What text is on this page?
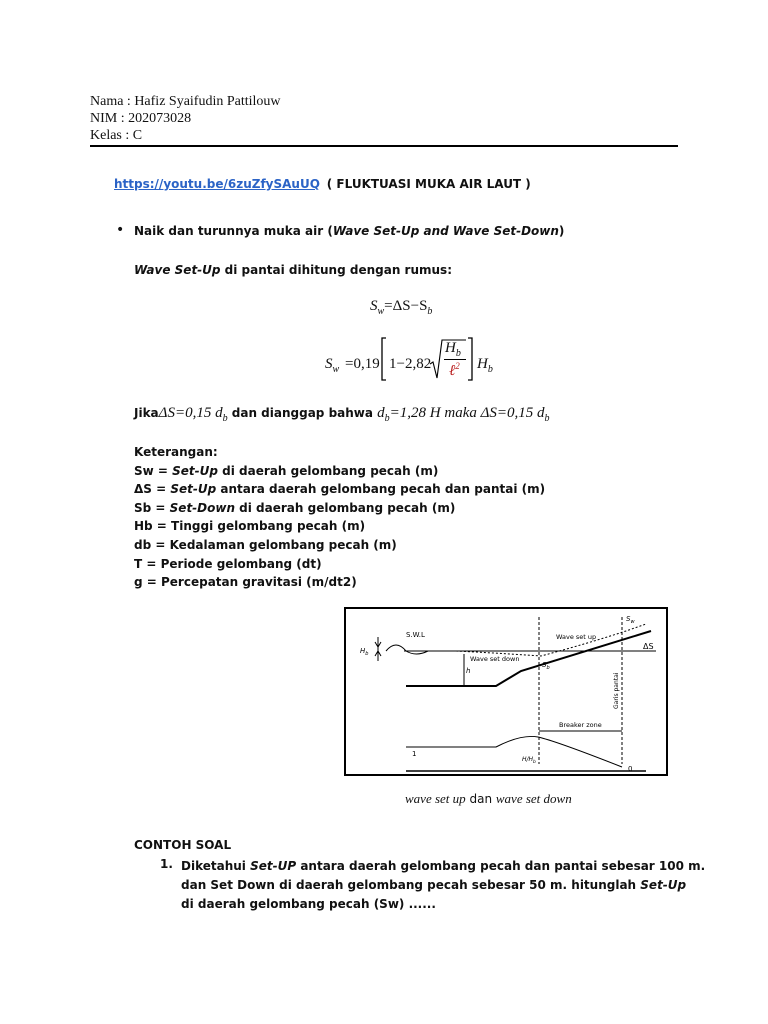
Nama : Hafiz Syaifudin Pattilouw
NIM : 202073028
Kelas : C
https://youtu.be/6zuZfySAuUQ ( FLUKTUASI MUKA AIR LAUT )
• Naik dan turunnya muka air (Wave Set-Up and Wave Set-Down)
Wave Set-Up di pantai dihitung dengan rumus:
$S_w=\Delta S-S_b$
$S_w =0,19$ 1−2,82
$H_b$
ℓ$^2$ $H_b$
JikaΔS=0,15 $d_b$ dan dianggap bahwa $d_b=1,28$ H maka ΔS=0,15 $d_b$
Keterangan:
Sw = Set-Up di daerah gelombang pecah (m)
ΔS = Set-Up antara daerah gelombang pecah dan pantai (m)
Sb = Set-Down di daerah gelombang pecah (m)
Hb = Tinggi gelombang pecah (m)
db = Kedalaman gelombang pecah (m)
T = Periode gelombang (dt)
g = Percepatan gravitasi (m/dt2)
S.W.L
$H_b$
Wave set down
Wave set up
$S_b$
$S_w$
ΔS
h
Garis pantai
Breaker zone
$H/H_b$
1
0
wave set up dan wave set down
CONTOH SOAL
1. Diketahui Set-UP antara daerah gelombang pecah dan pantai sebesar 100 m.
dan Set Down di daerah gelombang pecah sebesar 50 m. hitunglah Set-Up
di daerah gelombang pecah (Sw) ......
